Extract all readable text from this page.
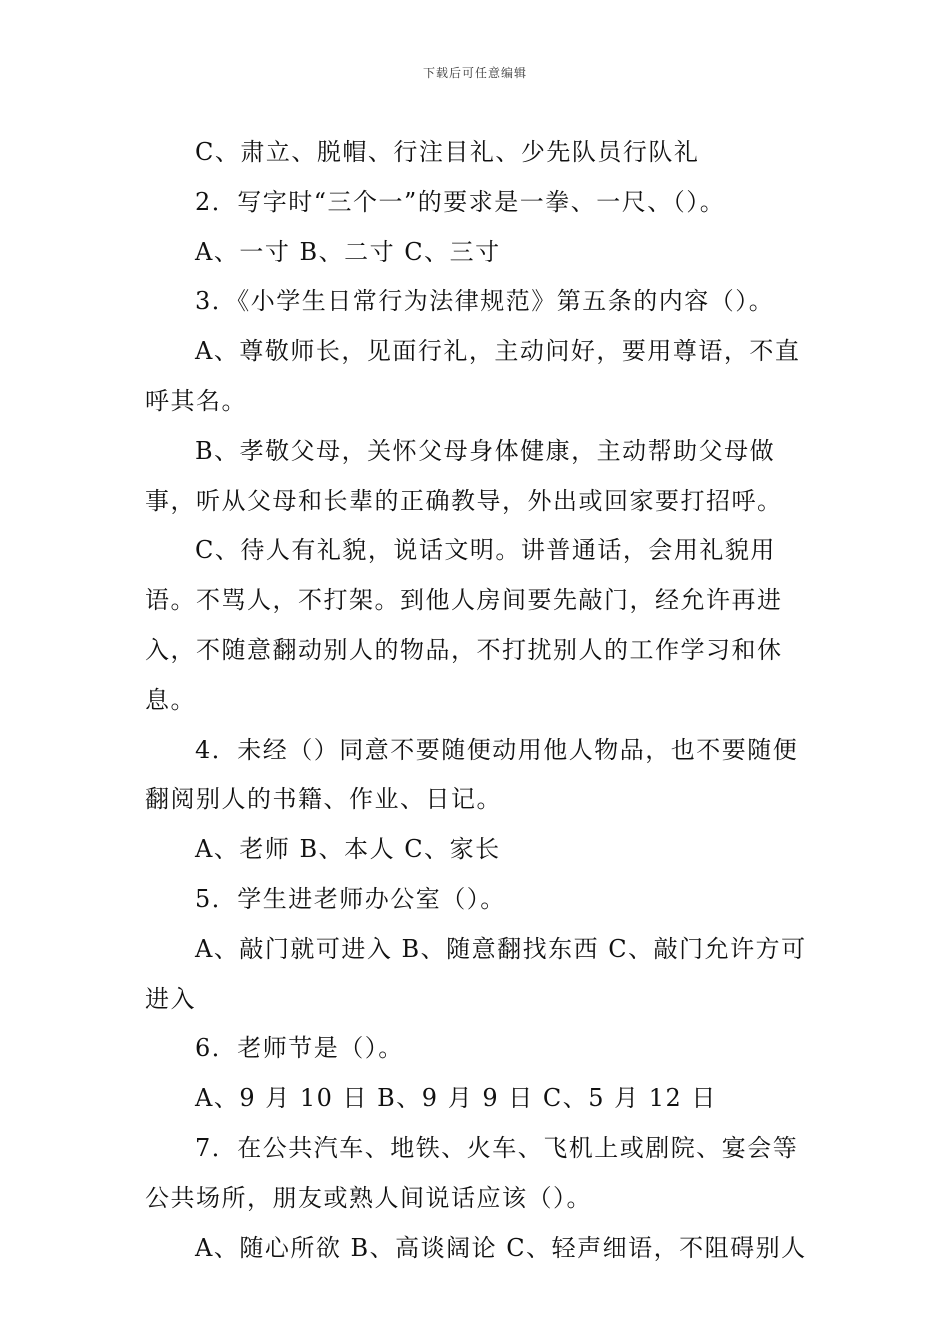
下载后可任意编辑

C、肃立、脱帽、行注目礼、少先队员行队礼

2．写字时“三个一”的要求是一拳、一尺、（）。

A、一寸 B、二寸 C、三寸

3．《小学生日常行为法律规范》第五条的内容（）。

A、尊敬师长，见面行礼，主动问好，要用尊语，不直呼其名。

B、孝敬父母，关怀父母身体健康，主动帮助父母做事，听从父母和长辈的正确教导，外出或回家要打招呼。

C、待人有礼貌，说话文明。讲普通话，会用礼貌用语。不骂人，不打架。到他人房间要先敲门，经允许再进入，不随意翻动别人的物品，不打扰别人的工作学习和休息。

4．未经（）同意不要随便动用他人物品，也不要随便翻阅别人的书籍、作业、日记。

A、老师 B、本人 C、家长

5．学生进老师办公室（）。

A、敲门就可进入 B、随意翻找东西 C、敲门允许方可进入

6．老师节是（）。

A、9 月 10 日 B、9 月 9 日 C、5 月 12 日

7．在公共汽车、地铁、火车、飞机上或剧院、宴会等公共场所，朋友或熟人间说话应该（）。

A、随心所欲 B、高谈阔论 C、轻声细语，不阻碍别人
